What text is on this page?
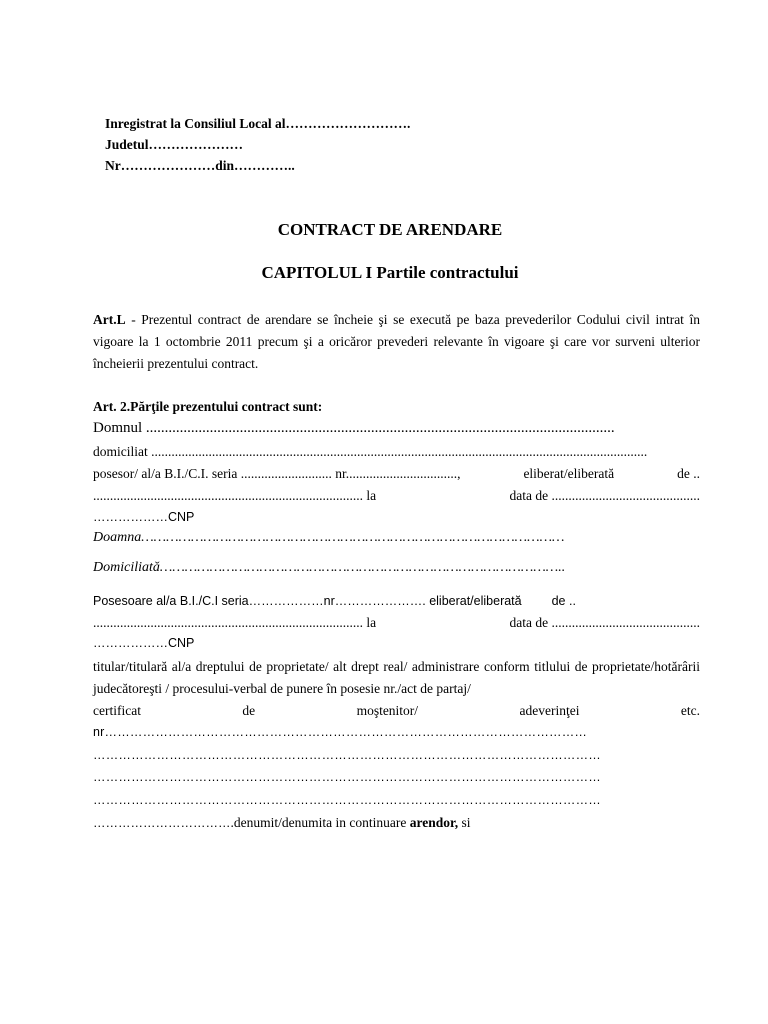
Inregistrat la Consiliul Local al……………………….
Judetul…………………
Nr…………………din…………..
CONTRACT DE ARENDARE
CAPITOLUL I Partile contractului
Art.L - Prezentul contract de arendare se încheie şi se execută pe baza prevederilor Codului civil intrat în vigoare la 1 octombrie 2011 precum şi a oricăror prevederi relevante în vigoare şi care vor surveni ulterior încheierii prezentului contract.
Art. 2.Părţile prezentului contract sunt:
Domnul .............................................................................................................................
domiciliat ...................................................................................................................................................
posesor/ al/a B.I./C.I. seria ........................... nr.................................,	eliberat/eliberată	de ..
................................................................................ la	data de ............................................
………………CNP
Doamna…………………………………………………………………………………………
Domiciliată……………………………………………………………………………………..
Posesoare al/a B.I./C.I seria………………nr…………………. eliberat/eliberată de ..
................................................................................ la	data de ............................................
………………CNP
titular/titulară al/a dreptului de proprietate/ alt drept real/ administrare conform titlului de proprietate/hotărârii judecătoreşti / procesului-verbal de punere în posesie nr./act de partaj/
certificat	de	moştenitor/	adeverinţei	etc.
nr……………………………………………………………………………………………………
…………………………………………………………………………………………………………
…………………………………………………………………………………………………………
…………………………………………………………………………………………………………
…………………………….denumit/denumita in continuare arendor, si
